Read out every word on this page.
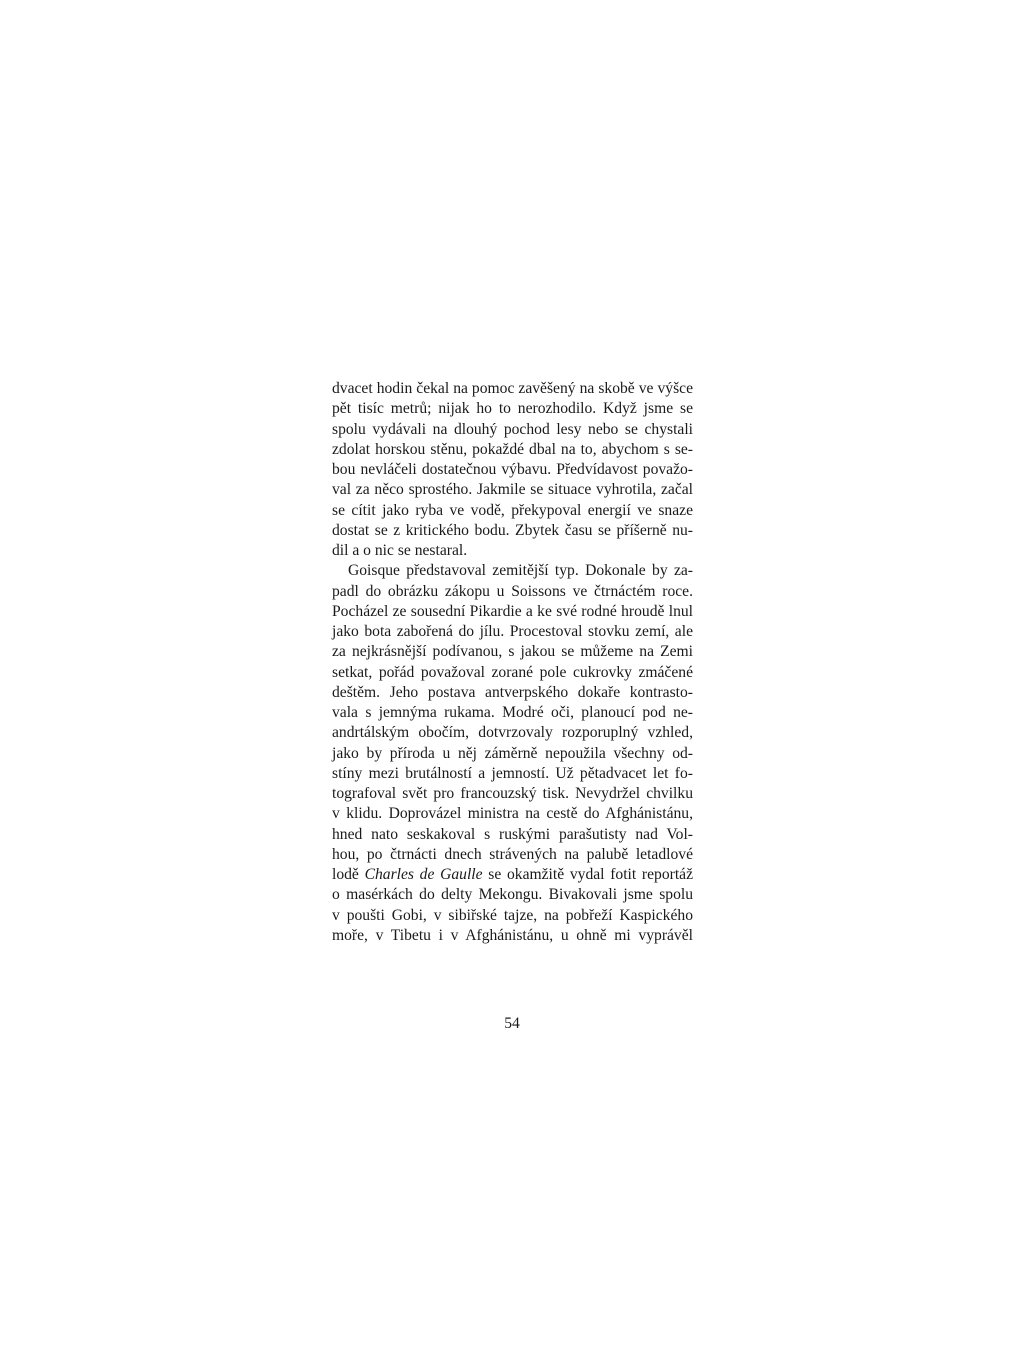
dvacet hodin čekal na pomoc zavěšený na skobě ve výšce
pět tisíc metrů; nijak ho to nerozhodilo. Když jsme se
spolu vydávali na dlouhý pochod lesy nebo se chystali
zdolat horskou stěnu, pokaždé dbal na to, abychom s se-
bou nevláčeli dostatečnou výbavu. Předvídavost považo-
val za něco sprostého. Jakmile se situace vyhrotila, začal
se cítit jako ryba ve vodě, překypoval energií ve snaze
dostat se z kritického bodu. Zbytek času se příšerně nu-
dil a o nic se nestaral.
Goisque představoval zemitější typ. Dokonale by za-
padl do obrázku zákopu u Soissons ve čtrnáctém roce.
Pocházel ze sousední Pikardie a ke své rodné hroudě lnul
jako bota zabořená do jílu. Procestoval stovku zemí, ale
za nejkrásnější podívanou, s jakou se můžeme na Zemi
setkat, pořád považoval zorané pole cukrovky zmáčené
deštěm. Jeho postava antverpského dokaře kontrasto-
vala s jemnýma rukama. Modré oči, planoucí pod ne-
andrtálským obočím, dotvrzovaly rozporuplný vzhled,
jako by příroda u něj záměrně nepoužila všechny od-
stíny mezi brutálností a jemností. Už pětadvacet let fo-
tografoval svět pro francouzský tisk. Nevydržel chvilku
v klidu. Doprovázel ministra na cestě do Afghánistánu,
hned nato seskakoval s ruskými parašutisty nad Vol-
hou, po čtrnácti dnech strávených na palubě letadlové
lodě Charles de Gaulle se okamžitě vydal fotit reportáž
o masérkách do delty Mekongu. Bivakovali jsme spolu
v poušti Gobi, v sibiřské tajze, na pobřeží Kaspického
moře, v Tibetu i v Afghánistánu, u ohně mi vyprávěl
54
